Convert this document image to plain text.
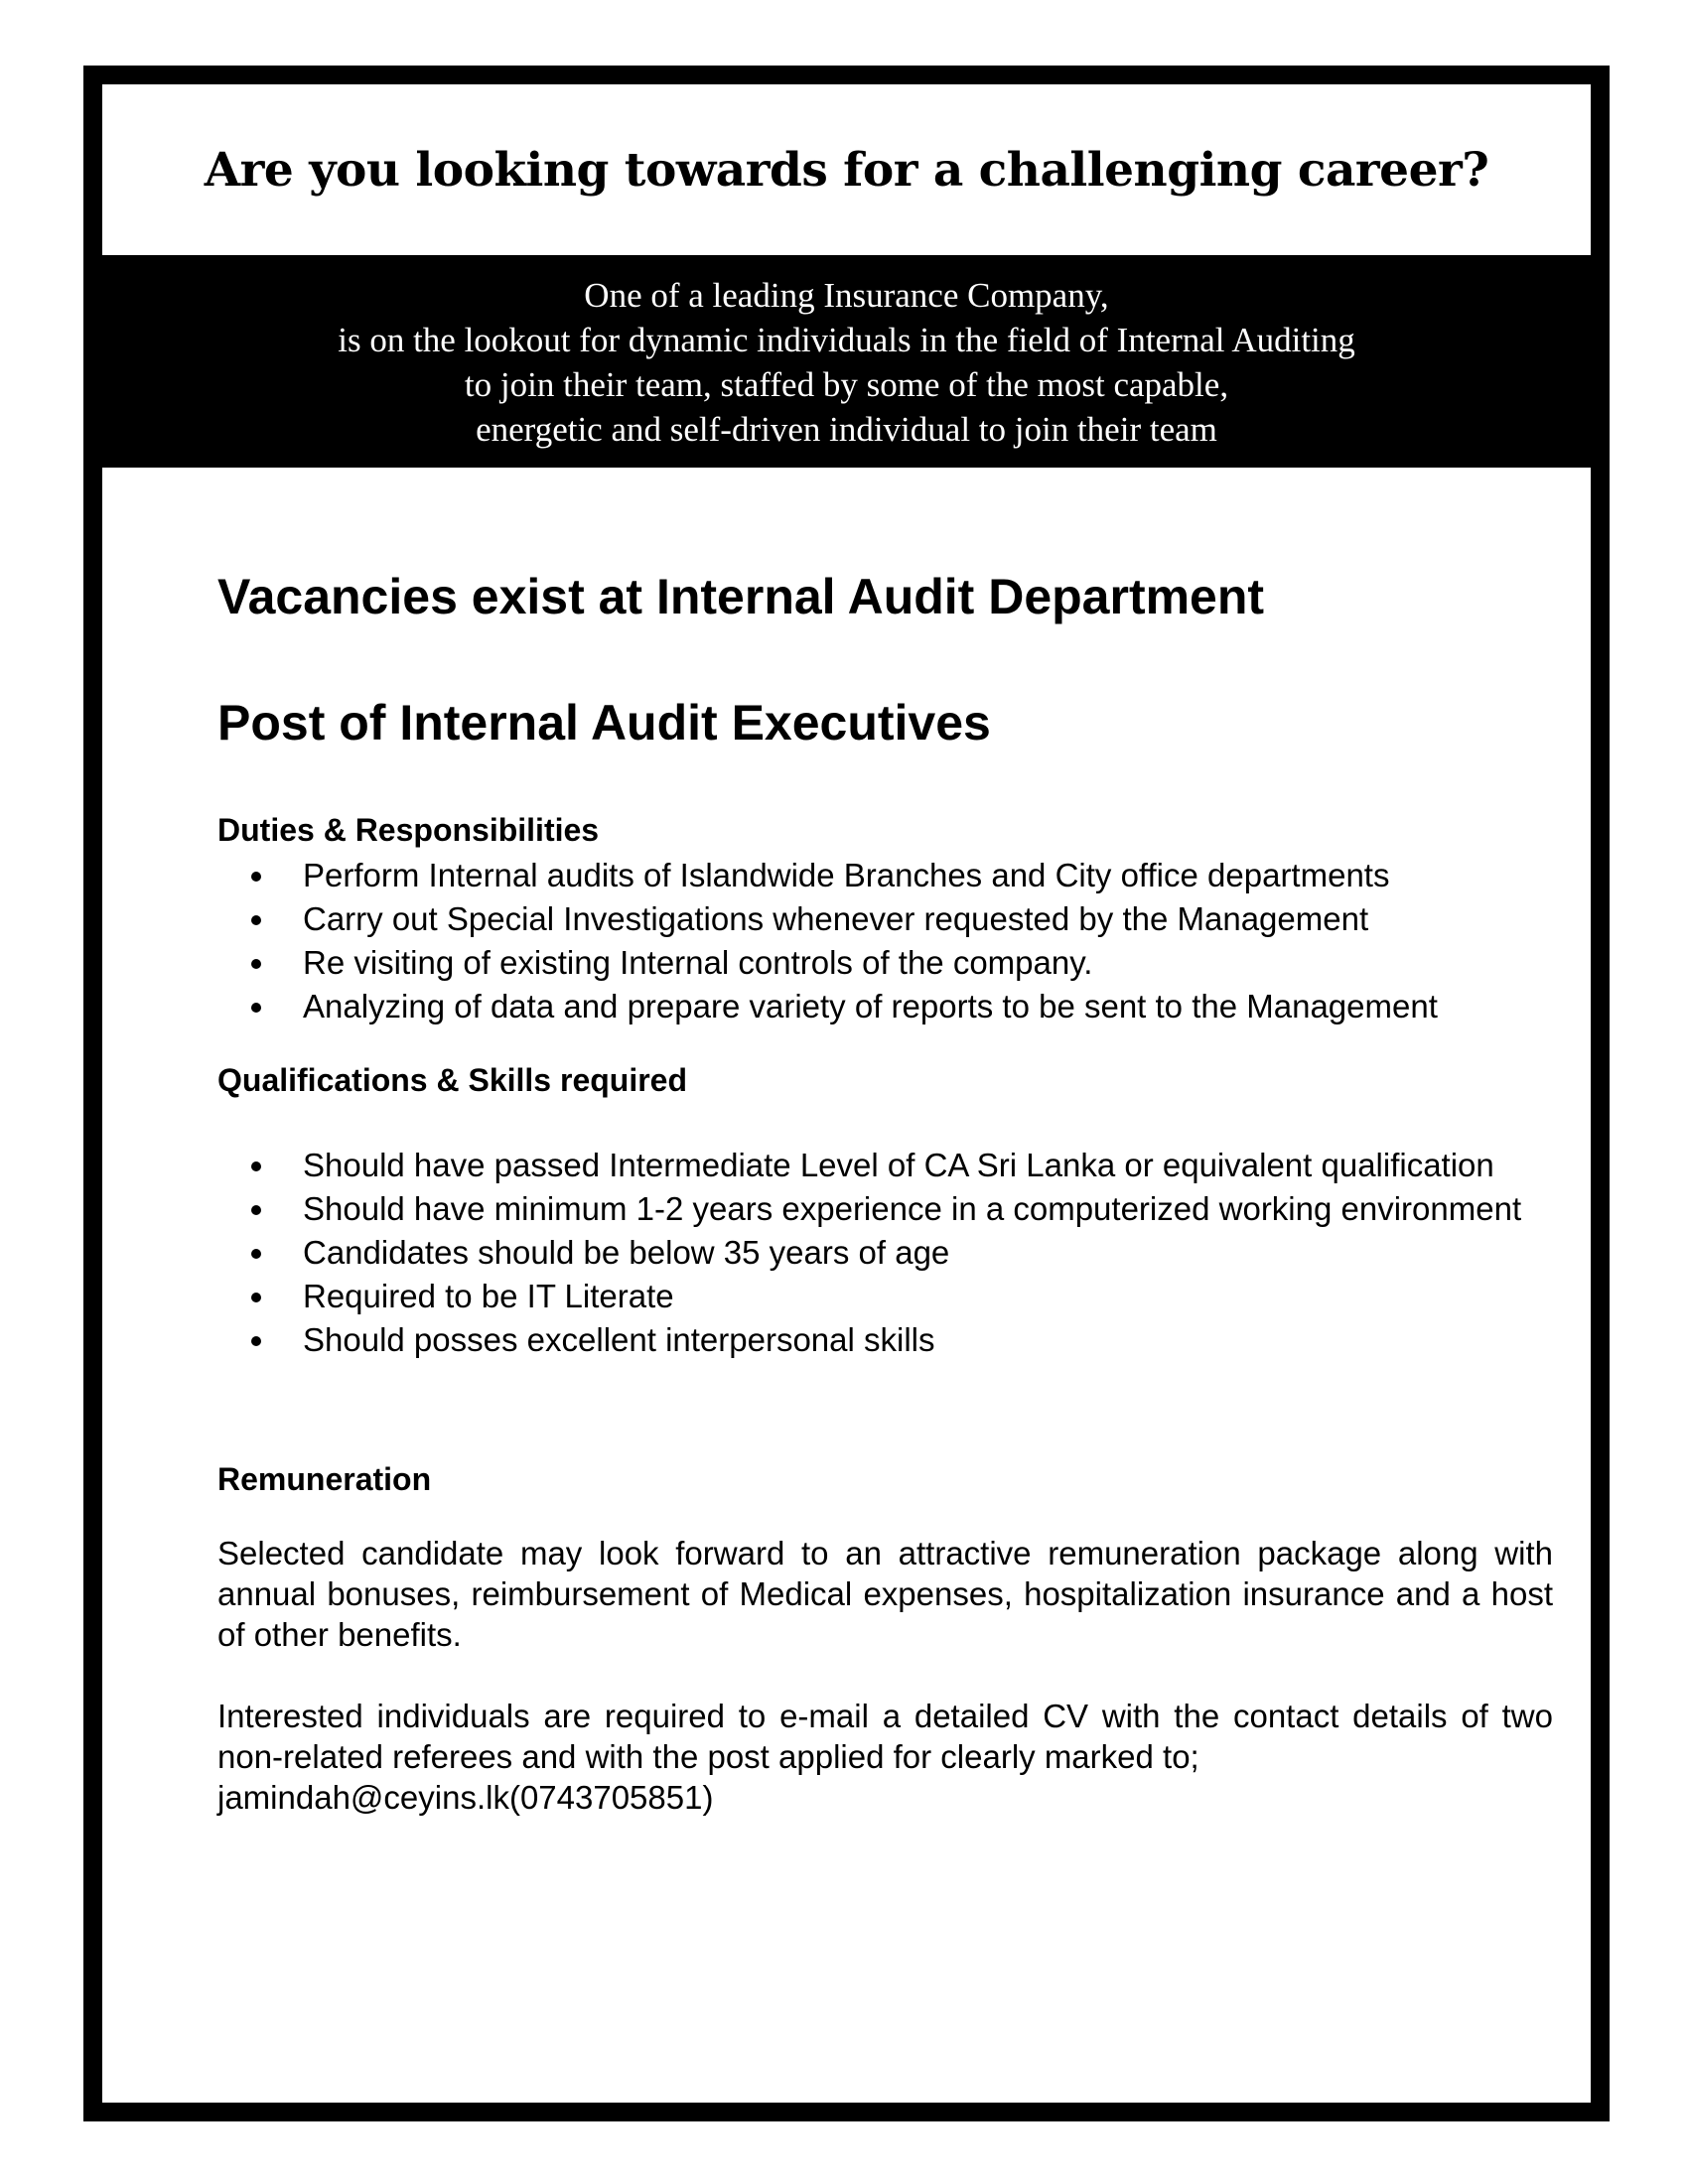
Are you looking towards for a challenging career?
One of a leading Insurance Company,
is on the lookout for dynamic individuals in the field of Internal Auditing
to join their team, staffed by some of the most capable,
energetic and self-driven individual to join their team
Vacancies exist at Internal Audit Department
Post of Internal Audit Executives
Duties & Responsibilities
Perform Internal audits of Islandwide Branches and City office departments
Carry out Special Investigations whenever requested by the Management
Re visiting of existing Internal controls of the company.
Analyzing of data and prepare variety of reports to be sent to the Management
Qualifications & Skills required
Should have passed Intermediate Level of CA Sri Lanka or equivalent qualification
Should have minimum 1-2 years experience in a computerized working environment
Candidates should be below 35 years of age
Required to be IT Literate
Should posses excellent interpersonal skills
Remuneration

Selected candidate may look forward to an attractive remuneration package along with annual bonuses, reimbursement of Medical expenses, hospitalization insurance and a host of other benefits.

Interested individuals are required to e-mail a detailed CV with the contact details of two non-related referees and with the post applied for clearly marked to;
jamindah@ceyins.lk(0743705851)
